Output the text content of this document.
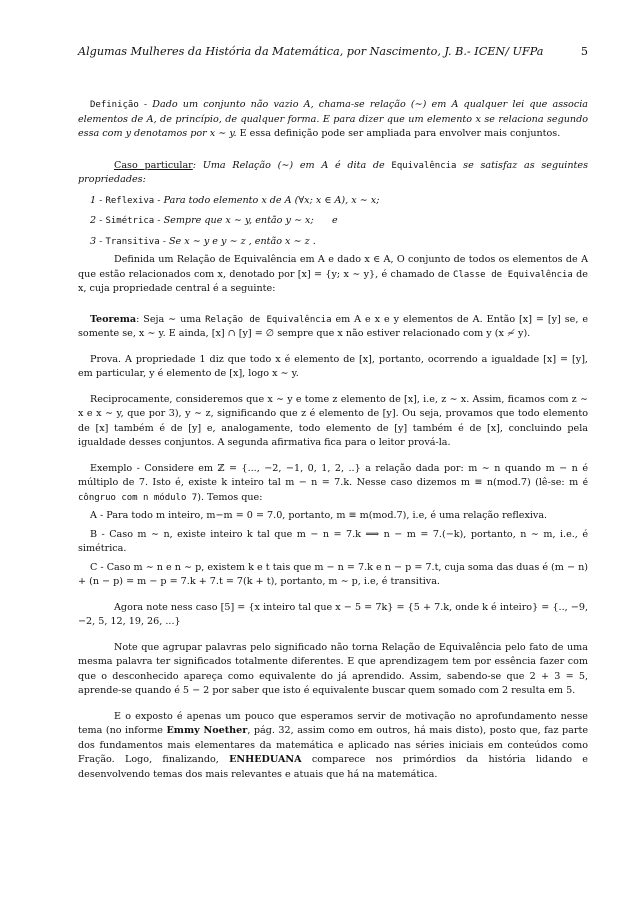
Algumas Mulheres da História da Matemática, por Nascimento, J. B.- ICEN/ UFPa	5

Definição - Dado um conjunto não vazio A, chama-se relação (∼) em A qualquer lei que associa elementos de A, de princípio, de qualquer forma. E para dizer que um elemento x se relaciona segundo essa com y denotamos por x ∼ y. E essa definição pode ser ampliada para envolver mais conjuntos.

Caso particular: Uma Relação (∼) em A é dita de Equivalência se satisfaz as seguintes propriedades:

1 - Reflexiva - Para todo elemento x de A (∀x; x ∈ A), x ∼ x;

2 - Simétrica - Sempre que x ∼ y, então y ∼ x;      e

3 - Transitiva - Se x ∼ y e y ∼ z , então x ∼ z .

Definida um Relação de Equivalência em A e dado x ∈ A, O conjunto de todos os elementos de A que estão relacionados com x, denotado por [x] = {y; x ∼ y}, é chamado de Classe de Equivalência de x, cuja propriedade central é a seguinte:

Teorema: Seja ∼ uma Relação de Equivalência em A e x e y elementos de A. Então [x] = [y] se, e somente se, x ∼ y. E ainda, [x] ∩ [y] = ∅ sempre que x não estiver relacionado com y (x ≁ y).

Prova. A propriedade 1 diz que todo x é elemento de [x], portanto, ocorrendo a igualdade [x] = [y], em particular, y é elemento de [x], logo x ∼ y.

Reciprocamente, consideremos que x ∼ y e tome z elemento de [x], i.e, z ∼ x. Assim, ficamos com z ∼ x e x ∼ y, que por 3), y ∼ z, significando que z é elemento de [y]. Ou seja, provamos que todo elemento de [x] também é de [y] e, analogamente, todo elemento de [y] também é de [x], concluindo pela igualdade desses conjuntos. A segunda afirmativa fica para o leitor prová-la.

Exemplo - Considere em ℤ = {..., −2, −1, 0, 1, 2, ..} a relação dada por: m ∼ n quando m − n é múltiplo de 7. Isto é, existe k inteiro tal m − n = 7.k. Nesse caso dizemos m ≡ n(mod.7) (lê-se: m é côngruo com n módulo 7). Temos que:

A - Para todo m inteiro, m−m = 0 = 7.0, portanto, m ≡ m(mod.7), i.e, é uma relação reflexiva.

B - Caso m ∼ n, existe inteiro k tal que m − n = 7.k ⟹ n − m = 7.(−k), portanto, n ∼ m, i.e., é simétrica.

C - Caso m ∼ n e n ∼ p, existem k e t tais que m − n = 7.k e n − p = 7.t, cuja soma das duas é (m − n) + (n − p) = m − p = 7.k + 7.t = 7(k + t), portanto, m ∼ p, i.e, é transitiva.

Agora note ness caso [5] = {x inteiro tal que x − 5 = 7k} = {5 + 7.k, onde k é inteiro} = {.., −9, −2, 5, 12, 19, 26, ...}

Note que agrupar palavras pelo significado não torna Relação de Equivalência pelo fato de uma mesma palavra ter significados totalmente diferentes. E que aprendizagem tem por essência fazer com que o desconhecido apareça como equivalente do já aprendido. Assim, sabendo-se que 2 + 3 = 5, aprende-se quando é 5 − 2 por saber que isto é equivalente buscar quem somado com 2 resulta em 5.

E o exposto é apenas um pouco que esperamos servir de motivação no aprofundamento nesse tema (no informe Emmy Noether, pág. 32, assim como em outros, há mais disto), posto que, faz parte dos fundamentos mais elementares da matemática e aplicado nas séries iniciais em conteúdos como Fração. Logo, finalizando, ENHEDUANA comparece nos primórdios da história lidando e desenvolvendo temas dos mais relevantes e atuais que há na matemática.
